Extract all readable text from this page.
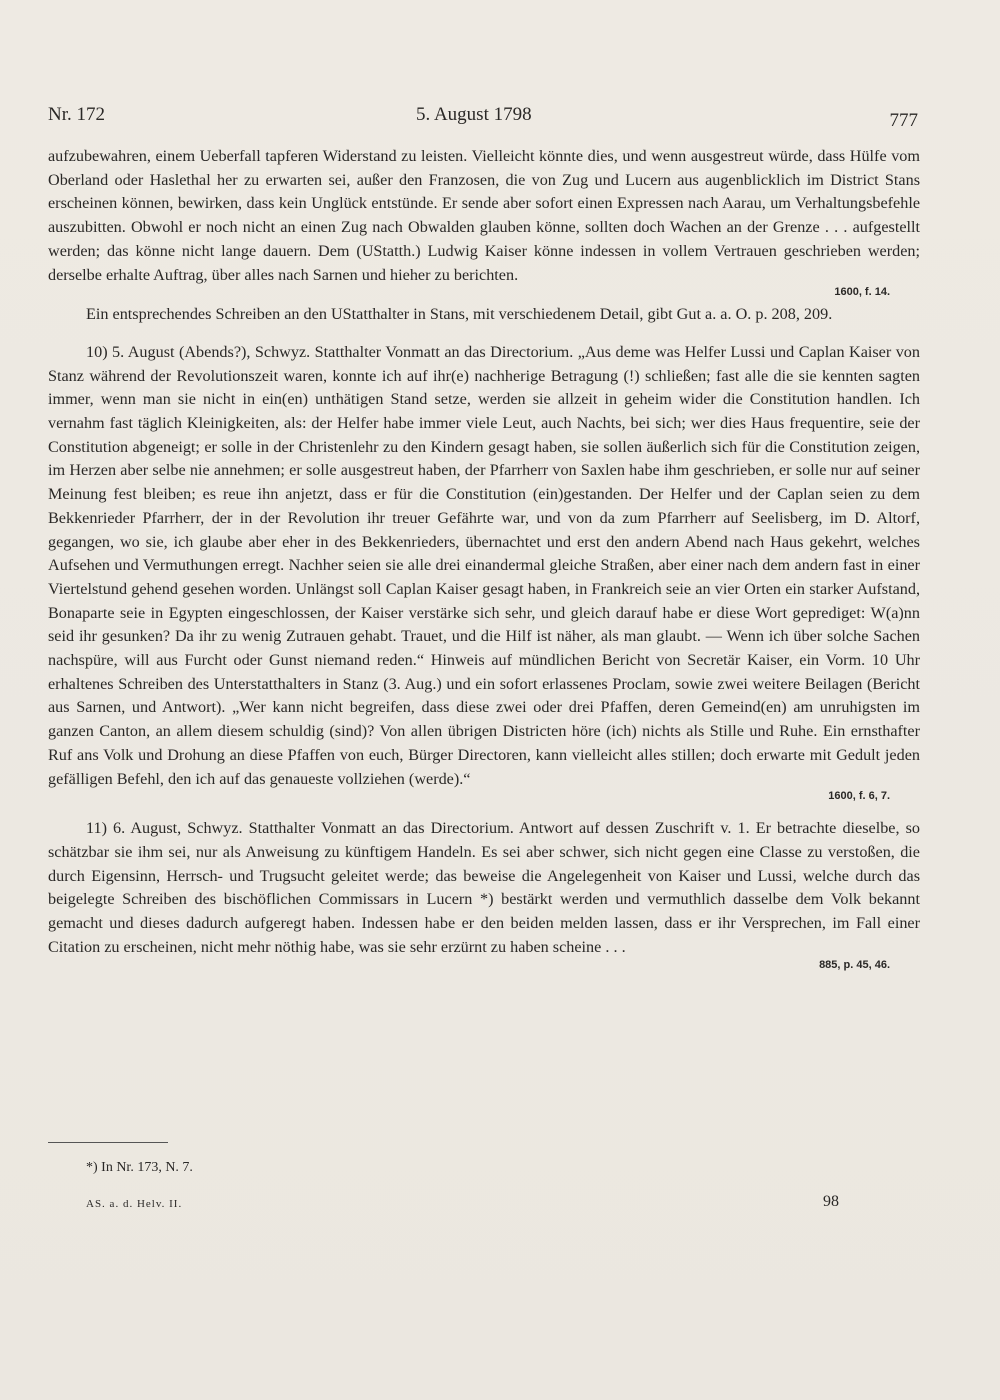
Nr. 172	5. August 1798	777

aufzubewahren, einem Ueberfall tapferen Widerstand zu leisten. Vielleicht könnte dies, und wenn ausgestreut würde, dass Hülfe vom Oberland oder Haslethal her zu erwarten sei, außer den Franzosen, die von Zug und Lucern aus augenblicklich im District Stans erscheinen können, bewirken, dass kein Unglück entstünde. Er sende aber sofort einen Expressen nach Aarau, um Verhaltungsbefehle auszubitten. Obwohl er noch nicht an einen Zug nach Obwalden glauben könne, sollten doch Wachen an der Grenze . . . aufgestellt werden; das könne nicht lange dauern. Dem (UStatth.) Ludwig Kaiser könne indessen in vollem Vertrauen geschrieben werden; derselbe erhalte Auftrag, über alles nach Sarnen und hieher zu berichten.

1600, f. 14.

Ein entsprechendes Schreiben an den UStatthalter in Stans, mit verschiedenem Detail, gibt Gut a. a. O. p. 208, 209.

10) 5. August (Abends?), Schwyz. Statthalter Vonmatt an das Directorium. „Aus deme was Helfer Lussi und Caplan Kaiser von Stanz während der Revolutionszeit waren, konnte ich auf ihr(e) nachherige Betragung (!) schließen; fast alle die sie kennten sagten immer, wenn man sie nicht in ein(en) unthätigen Stand setze, werden sie allzeit in geheim wider die Constitution handlen. Ich vernahm fast täglich Kleinigkeiten, als: der Helfer habe immer viele Leut, auch Nachts, bei sich; wer dies Haus frequentire, seie der Constitution abgeneigt; er solle in der Christenlehr zu den Kindern gesagt haben, sie sollen äußerlich sich für die Constitution zeigen, im Herzen aber selbe nie annehmen; er solle ausgestreut haben, der Pfarrherr von Saxlen habe ihm geschrieben, er solle nur auf seiner Meinung fest bleiben; es reue ihn anjetzt, dass er für die Constitution (ein)gestanden. Der Helfer und der Caplan seien zu dem Bekkenrieder Pfarrherr, der in der Revolution ihr treuer Gefährte war, und von da zum Pfarrherr auf Seelisberg, im D. Altorf, gegangen, wo sie, ich glaube aber eher in des Bekkenrieders, übernachtet und erst den andern Abend nach Haus gekehrt, welches Aufsehen und Vermuthungen erregt. Nachher seien sie alle drei einandermal gleiche Straßen, aber einer nach dem andern fast in einer Viertelstund gehend gesehen worden. Unlängst soll Caplan Kaiser gesagt haben, in Frankreich seie an vier Orten ein starker Aufstand, Bonaparte seie in Egypten eingeschlossen, der Kaiser verstärke sich sehr, und gleich darauf habe er diese Wort geprediget: W(a)nn seid ihr gesunken? Da ihr zu wenig Zutrauen gehabt. Trauet, und die Hilf ist näher, als man glaubt. — Wenn ich über solche Sachen nachspüre, will aus Furcht oder Gunst niemand reden.“ Hinweis auf mündlichen Bericht von Secretär Kaiser, ein Vorm. 10 Uhr erhaltenes Schreiben des Unterstatthalters in Stanz (3. Aug.) und ein sofort erlassenes Proclam, sowie zwei weitere Beilagen (Bericht aus Sarnen, und Antwort). „Wer kann nicht begreifen, dass diese zwei oder drei Pfaffen, deren Gemeind(en) am unruhigsten im ganzen Canton, an allem diesem schuldig (sind)? Von allen übrigen Districten höre (ich) nichts als Stille und Ruhe. Ein ernsthafter Ruf ans Volk und Drohung an diese Pfaffen von euch, Bürger Directoren, kann vielleicht alles stillen; doch erwarte mit Gedult jeden gefälligen Befehl, den ich auf das genaueste vollziehen (werde).“

1600, f. 6, 7.

11) 6. August, Schwyz. Statthalter Vonmatt an das Directorium. Antwort auf dessen Zuschrift v. 1. Er betrachte dieselbe, so schätzbar sie ihm sei, nur als Anweisung zu künftigem Handeln. Es sei aber schwer, sich nicht gegen eine Classe zu verstoßen, die durch Eigensinn, Herrsch- und Trugsucht geleitet werde; das beweise die Angelegenheit von Kaiser und Lussi, welche durch das beigelegte Schreiben des bischöflichen Commissars in Lucern *) bestärkt werden und vermuthlich dasselbe dem Volk bekannt gemacht und dieses dadurch aufgeregt haben. Indessen habe er den beiden melden lassen, dass er ihr Versprechen, im Fall einer Citation zu erscheinen, nicht mehr nöthig habe, was sie sehr erzürnt zu haben scheine . . .

885, p. 45, 46.
*) In Nr. 173, N. 7.
AS. a. d. Helv. II.	98
